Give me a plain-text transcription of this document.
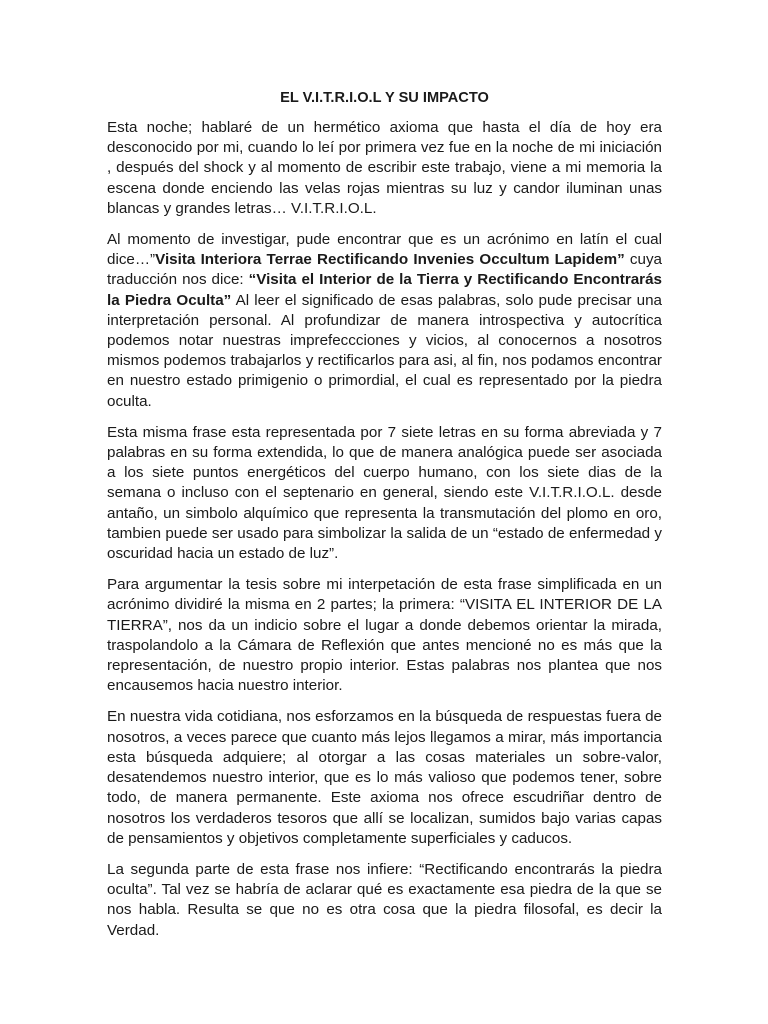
EL V.I.T.R.I.O.L Y SU IMPACTO

Esta noche; hablaré de un hermético axioma que hasta el día de hoy era desconocido por mi, cuando lo leí por primera vez fue en la noche de mi iniciación , después del shock y al momento de escribir este trabajo, viene a mi memoria la escena donde enciendo las velas rojas mientras su luz y candor iluminan unas blancas y grandes letras… V.I.T.R.I.O.L.

Al momento de investigar, pude encontrar que es un acrónimo en latín el cual dice…”Visita Interiora Terrae Rectificando Invenies Occultum Lapidem” cuya traducción nos dice: “Visita el Interior de la Tierra y Rectificando Encontrarás la Piedra Oculta” Al leer el significado de esas palabras, solo pude precisar una interpretación personal. Al profundizar de manera introspectiva y autocrítica podemos notar nuestras imprefeccciones y vicios, al conocernos a nosotros mismos podemos trabajarlos y rectificarlos para asi, al fin, nos podamos encontrar en nuestro estado primigenio o primordial, el cual es representado por la piedra oculta.

Esta misma frase esta representada por 7 siete letras en su forma abreviada y 7 palabras en su forma extendida, lo que de manera analógica puede ser asociada a los siete puntos energéticos del cuerpo humano, con los siete dias de la semana o incluso con el septenario en general, siendo este V.I.T.R.I.O.L. desde antaño, un simbolo alquímico que representa la transmutación del plomo en oro, tambien puede ser usado para simbolizar la salida de un “estado de enfermedad y oscuridad hacia un estado de luz”.

Para argumentar la tesis sobre mi interpetación de esta frase simplificada en un acrónimo dividiré la misma en 2 partes; la primera: “VISITA EL INTERIOR DE LA TIERRA”, nos da un indicio sobre el lugar a donde debemos orientar la mirada, traspolandolo a la Cámara de Reflexión que antes mencioné no es más que la representación, de nuestro propio interior. Estas palabras nos plantea que nos encausemos hacia nuestro interior.

En nuestra vida cotidiana, nos esforzamos en la búsqueda de respuestas fuera de nosotros, a veces parece que cuanto más lejos llegamos a mirar, más importancia esta búsqueda adquiere; al otorgar a las cosas materiales un sobre-valor, desatendemos nuestro interior, que es lo más valioso que podemos tener, sobre todo, de manera permanente. Este axioma nos ofrece escudriñar dentro de nosotros los verdaderos tesoros que allí se localizan, sumidos bajo varias capas de pensamientos y objetivos completamente superficiales y caducos.

La segunda parte de esta frase nos infiere: “Rectificando encontrarás la piedra oculta”. Tal vez se habría de aclarar qué es exactamente esa piedra de la que se nos habla. Resulta se que no es otra cosa que la piedra filosofal, es decir la Verdad.
